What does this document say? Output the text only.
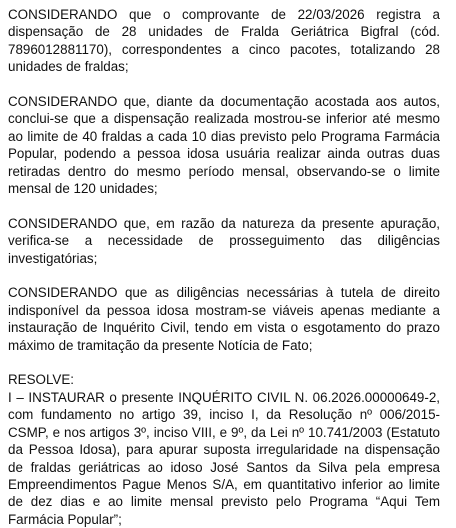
CONSIDERANDO que o comprovante de 22/03/2026 registra a dispensação de 28 unidades de Fralda Geriátrica Bigfral (cód. 7896012881170), correspondentes a cinco pacotes, totalizando 28 unidades de fraldas;

CONSIDERANDO que, diante da documentação acostada aos autos, conclui-se que a dispensação realizada mostrou-se inferior até mesmo ao limite de 40 fraldas a cada 10 dias previsto pelo Programa Farmácia Popular, podendo a pessoa idosa usuária realizar ainda outras duas retiradas dentro do mesmo período mensal, observando-se o limite mensal de 120 unidades;

CONSIDERANDO que, em razão da natureza da presente apuração, verifica-se a necessidade de prosseguimento das diligências investigatórias;

CONSIDERANDO que as diligências necessárias à tutela de direito indisponível da pessoa idosa mostram-se viáveis apenas mediante a instauração de Inquérito Civil, tendo em vista o esgotamento do prazo máximo de tramitação da presente Notícia de Fato;

RESOLVE:

I – INSTAURAR o presente INQUÉRITO CIVIL N. 06.2026.00000649-2, com fundamento no artigo 39, inciso I, da Resolução nº 006/2015-CSMP, e nos artigos 3º, inciso VIII, e 9º, da Lei nº 10.741/2003 (Estatuto da Pessoa Idosa), para apurar suposta irregularidade na dispensação de fraldas geriátricas ao idoso José Santos da Silva pela empresa Empreendimentos Pague Menos S/A, em quantitativo inferior ao limite de dez dias e ao limite mensal previsto pelo Programa “Aqui Tem Farmácia Popular”;
